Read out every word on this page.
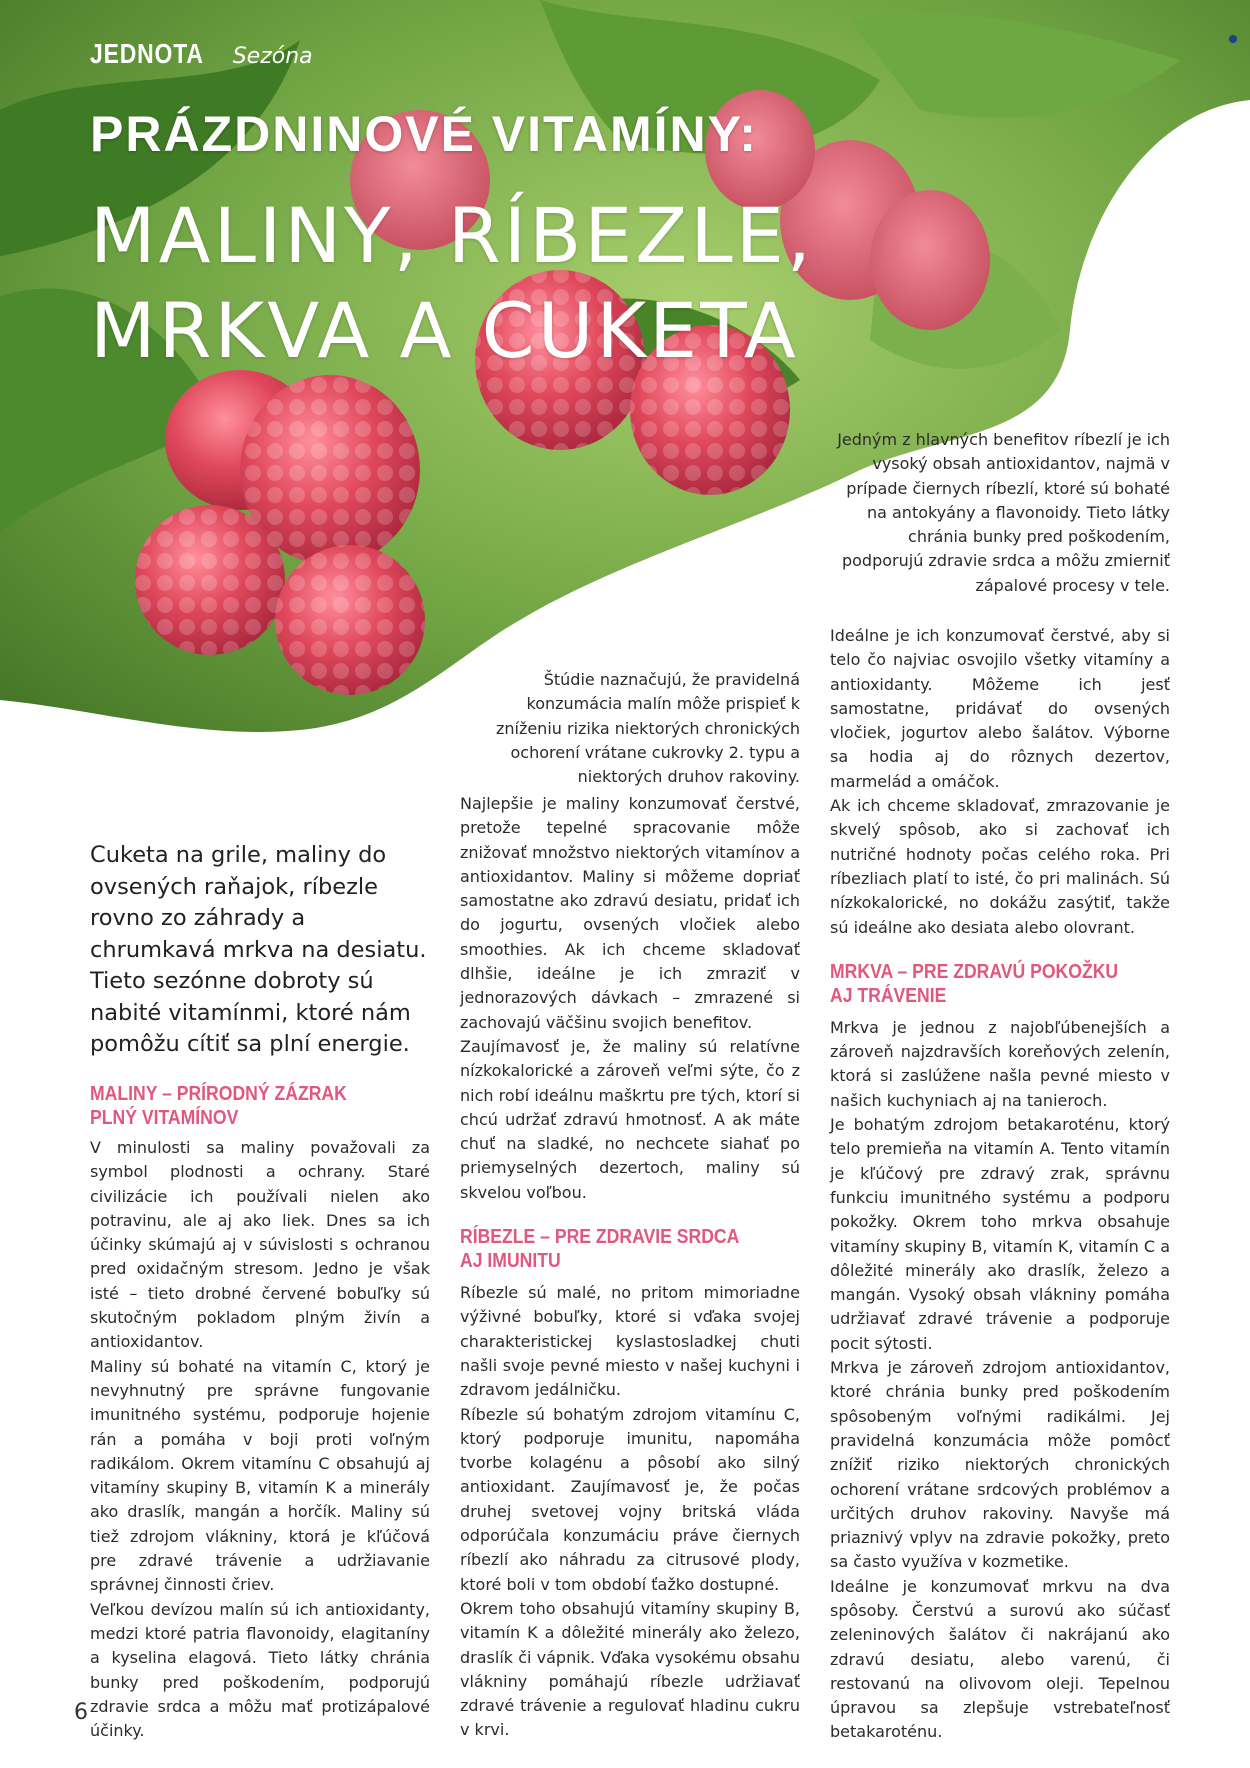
JEDNOTA Sezóna
PRÁZDNINOVÉ VITAMÍNY:
MALINY, RÍBEZLE,
MRKVA A CUKETA
Cuketa na grile, maliny do ovsených raňajok, ríbezle rovno zo záhrady a chrumkavá mrkva na desiatu. Tieto sezónne dobroty sú nabité vitamínmi, ktoré nám pomôžu cítiť sa plní energie.
MALINY – PRÍRODNÝ ZÁZRAK
PLNÝ VITAMÍNOV

V minulosti sa maliny považovali za symbol plodnosti a ochrany. Staré civilizácie ich používali nielen ako potravinu, ale aj ako liek. Dnes sa ich účinky skúmajú aj v súvislosti s ochranou pred oxidačným stresom. Jedno je však isté – tieto drobné červené bobuľky sú skutočným pokladom plným živín a antioxidantov.

Maliny sú bohaté na vitamín C, ktorý je nevyhnutný pre správne fungovanie imunitného systému, podporuje hojenie rán a pomáha v boji proti voľným radikálom. Okrem vitamínu C obsahujú aj vitamíny skupiny B, vitamín K a minerály ako draslík, mangán a horčík. Maliny sú tiež zdrojom vlákniny, ktorá je kľúčová pre zdravé trávenie a udržiavanie správnej činnosti čriev.

Veľkou devízou malín sú ich antioxidanty, medzi ktoré patria flavonoidy, elagitaníny a kyselina elagová. Tieto látky chránia bunky pred poškodením, podporujú zdravie srdca a môžu mať protizápalové účinky.

Štúdie naznačujú, že pravidelná konzumácia malín môže prispieť k zníženiu rizika niektorých chronických ochorení vrátane cukrovky 2. typu a niektorých druhov rakoviny.

Najlepšie je maliny konzumovať čerstvé, pretože tepelné spracovanie môže znižovať množstvo niektorých vitamínov a antioxidantov. Maliny si môžeme dopriať samostatne ako zdravú desiatu, pridať ich do jogurtu, ovsených vločiek alebo smoothies. Ak ich chceme skladovať dlhšie, ideálne je ich zmraziť v jednorazových dávkach – zmrazené si zachovajú väčšinu svojich benefitov.

Zaujímavosť je, že maliny sú relatívne nízkokalorické a zároveň veľmi sýte, čo z nich robí ideálnu maškrtu pre tých, ktorí si chcú udržať zdravú hmotnosť. A ak máte chuť na sladké, no nechcete siahať po priemyselných dezertoch, maliny sú skvelou voľbou.

RÍBEZLE – PRE ZDRAVIE SRDCA
AJ IMUNITU

Ríbezle sú malé, no pritom mimoriadne výživné bobuľky, ktoré si vďaka svojej charakteristickej kyslastosladkej chuti našli svoje pevné miesto v našej kuchyni i zdravom jedálničku.

Ríbezle sú bohatým zdrojom vitamínu C, ktorý podporuje imunitu, napomáha tvorbe kolagénu a pôsobí ako silný antioxidant. Zaujímavosť je, že počas druhej svetovej vojny britská vláda odporúčala konzumáciu práve čiernych ríbezlí ako náhradu za citrusové plody, ktoré boli v tom období ťažko dostupné.

Okrem toho obsahujú vitamíny skupiny B, vitamín K a dôležité minerály ako železo, draslík či vápnik. Vďaka vysokému obsahu vlákniny pomáhajú ríbezle udržiavať zdravé trávenie a regulovať hladinu cukru v krvi.

Jedným z hlavných benefitov ríbezlí je ich vysoký obsah antioxidantov, najmä v prípade čiernych ríbezlí, ktoré sú bohaté na antokyány a flavonoidy. Tieto látky chránia bunky pred poškodením, podporujú zdravie srdca a môžu zmierniť zápalové procesy v tele.

Ideálne je ich konzumovať čerstvé, aby si telo čo najviac osvojilo všetky vitamíny a antioxidanty. Môžeme ich jesť samostatne, pridávať do ovsených vločiek, jogurtov alebo šalátov. Výborne sa hodia aj do rôznych dezertov, marmelád a omáčok.

Ak ich chceme skladovať, zmrazovanie je skvelý spôsob, ako si zachovať ich nutričné hodnoty počas celého roka. Pri ríbezliach platí to isté, čo pri malinách. Sú nízkokalorické, no dokážu zasýtiť, takže sú ideálne ako desiata alebo olovrant.

MRKVA – PRE ZDRAVÚ POKOŽKU
AJ TRÁVENIE

Mrkva je jednou z najobľúbenejších a zároveň najzdravších koreňových zelenín, ktorá si zaslúžene našla pevné miesto v našich kuchyniach aj na tanieroch.

Je bohatým zdrojom betakaroténu, ktorý telo premieňa na vitamín A. Tento vitamín je kľúčový pre zdravý zrak, správnu funkciu imunitného systému a podporu pokožky. Okrem toho mrkva obsahuje vitamíny skupiny B, vitamín K, vitamín C a dôležité minerály ako draslík, železo a mangán. Vysoký obsah vlákniny pomáha udržiavať zdravé trávenie a podporuje pocit sýtosti.

Mrkva je zároveň zdrojom antioxidantov, ktoré chránia bunky pred poškodením spôsobeným voľnými radikálmi. Jej pravidelná konzumácia môže pomôcť znížiť riziko niektorých chronických ochorení vrátane srdcových problémov a určitých druhov rakoviny. Navyše má priaznivý vplyv na zdravie pokožky, preto sa často využíva v kozmetike.

Ideálne je konzumovať mrkvu na dva spôsoby. Čerstvú a surovú ako súčasť zeleninových šalátov či nakrájanú ako zdravú desiatu, alebo varenú, či restovanú na olivovom oleji. Tepelnou úpravou sa zlepšuje vstrebateľnosť betakaroténu.

6
